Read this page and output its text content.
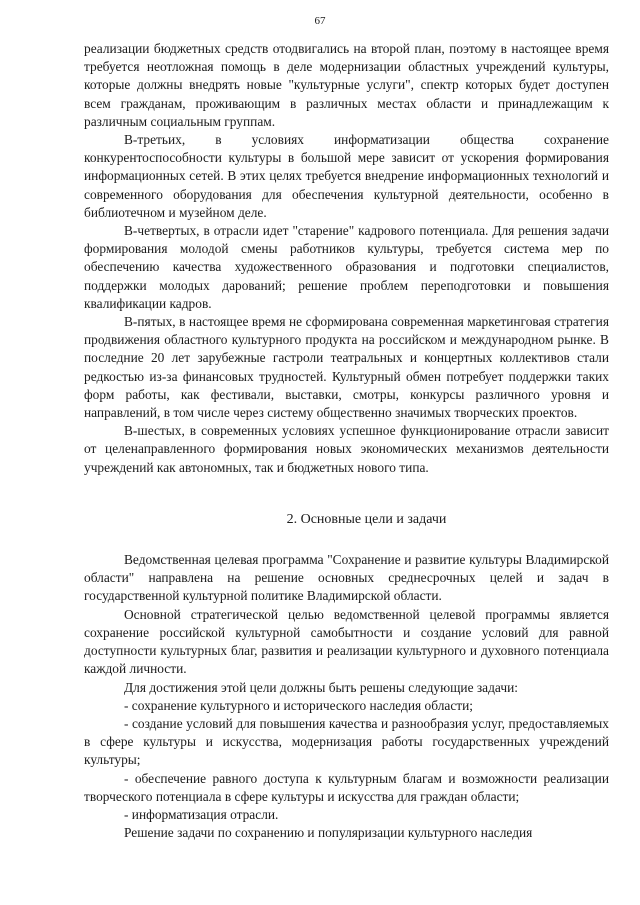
67

реализации бюджетных средств отодвигались на второй план, поэтому в настоящее время требуется неотложная помощь в деле модернизации областных учреждений культуры, которые должны внедрять новые "культурные услуги", спектр которых будет доступен всем гражданам, проживающим в различных местах области и принадлежащим к различным социальным группам.

В-третьих, в условиях информатизации общества сохранение конкурентоспособности культуры в большой мере зависит от ускорения формирования информационных сетей. В этих целях требуется внедрение информационных технологий и современного оборудования для обеспечения культурной деятельности, особенно в библиотечном и музейном деле.

В-четвертых, в отрасли идет "старение" кадрового потенциала. Для решения задачи формирования молодой смены работников культуры, требуется система мер по обеспечению качества художественного образования и подготовки специалистов, поддержки молодых дарований; решение проблем переподготовки и повышения квалификации кадров.

В-пятых, в настоящее время не сформирована современная маркетинговая стратегия продвижения областного культурного продукта на российском и международном рынке. В последние 20 лет зарубежные гастроли театральных и концертных коллективов стали редкостью из-за финансовых трудностей. Культурный обмен потребует поддержки таких форм работы, как фестивали, выставки, смотры, конкурсы различного уровня и направлений, в том числе через систему общественно значимых творческих проектов.

В-шестых, в современных условиях успешное функционирование отрасли зависит от целенаправленного формирования новых экономических механизмов деятельности учреждений как автономных, так и бюджетных нового типа.

2. Основные цели и задачи

Ведомственная целевая программа "Сохранение и развитие культуры Владимирской области" направлена на решение основных среднесрочных целей и задач в государственной культурной политике Владимирской области.

Основной стратегической целью ведомственной целевой программы является сохранение российской культурной самобытности и создание условий для равной доступности культурных благ, развития и реализации культурного и духовного потенциала каждой личности.

Для достижения этой цели должны быть решены следующие задачи:

- сохранение культурного и исторического наследия области;

- создание условий для повышения качества и разнообразия услуг, предоставляемых в сфере культуры и искусства, модернизация работы государственных учреждений культуры;

- обеспечение равного доступа к культурным благам и возможности реализации творческого потенциала в сфере культуры и искусства для граждан области;

- информатизация отрасли.

Решение задачи по сохранению и популяризации культурного наследия
